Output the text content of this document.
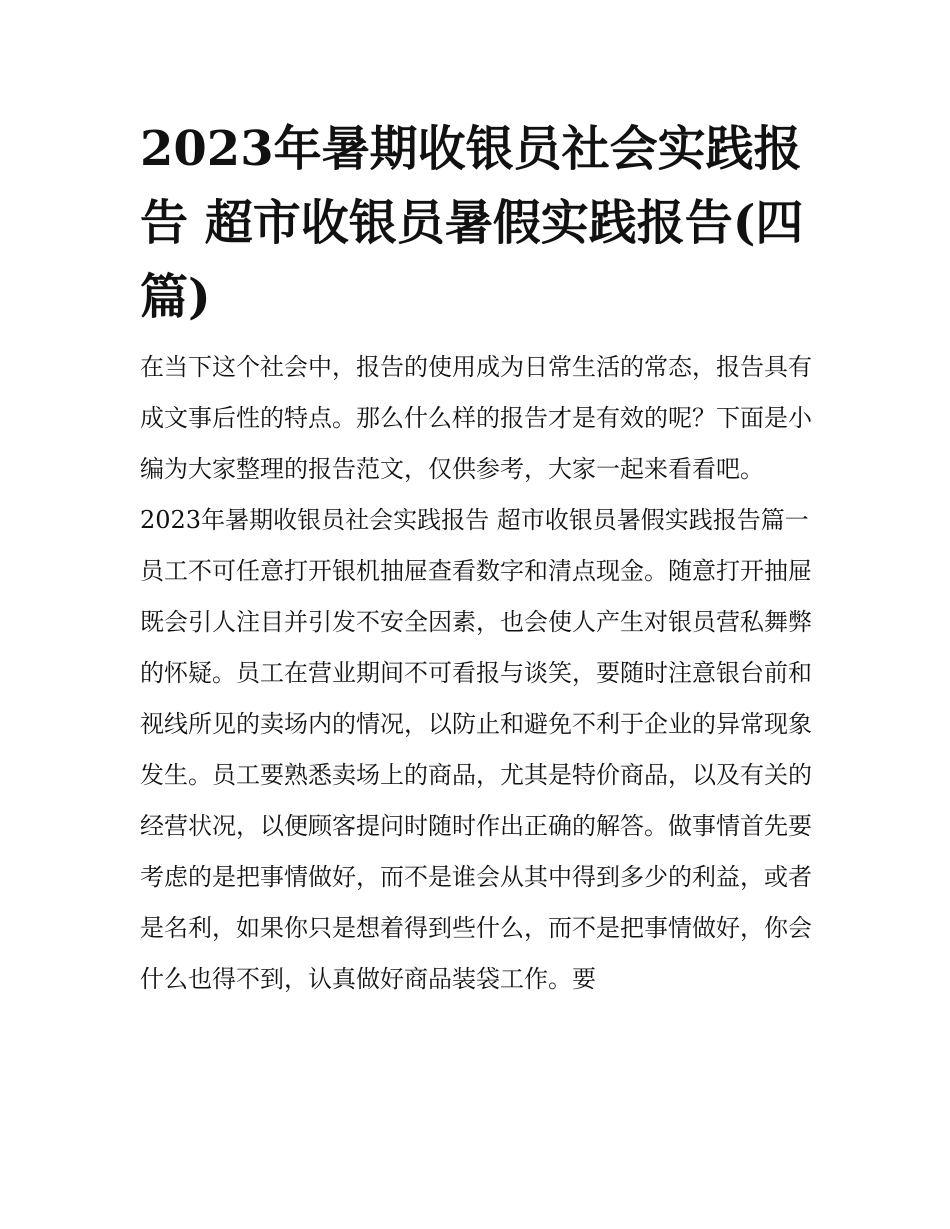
2023年暑期收银员社会实践报告 超市收银员暑假实践报告(四篇)

在当下这个社会中，报告的使用成为日常生活的常态，报告具有成文事后性的特点。那么什么样的报告才是有效的呢？下面是小编为大家整理的报告范文，仅供参考，大家一起来看看吧。

2023年暑期收银员社会实践报告 超市收银员暑假实践报告篇一

员工不可任意打开银机抽屉查看数字和清点现金。随意打开抽屉既会引人注目并引发不安全因素，也会使人产生对银员营私舞弊的怀疑。员工在营业期间不可看报与谈笑，要随时注意银台前和视线所见的卖场内的情况，以防止和避免不利于企业的异常现象发生。员工要熟悉卖场上的商品，尤其是特价商品，以及有关的经营状况，以便顾客提问时随时作出正确的解答。做事情首先要考虑的是把事情做好，而不是谁会从其中得到多少的利益，或者是名利，如果你只是想着得到些什么，而不是把事情做好，你会什么也得不到，认真做好商品装袋工作。要
